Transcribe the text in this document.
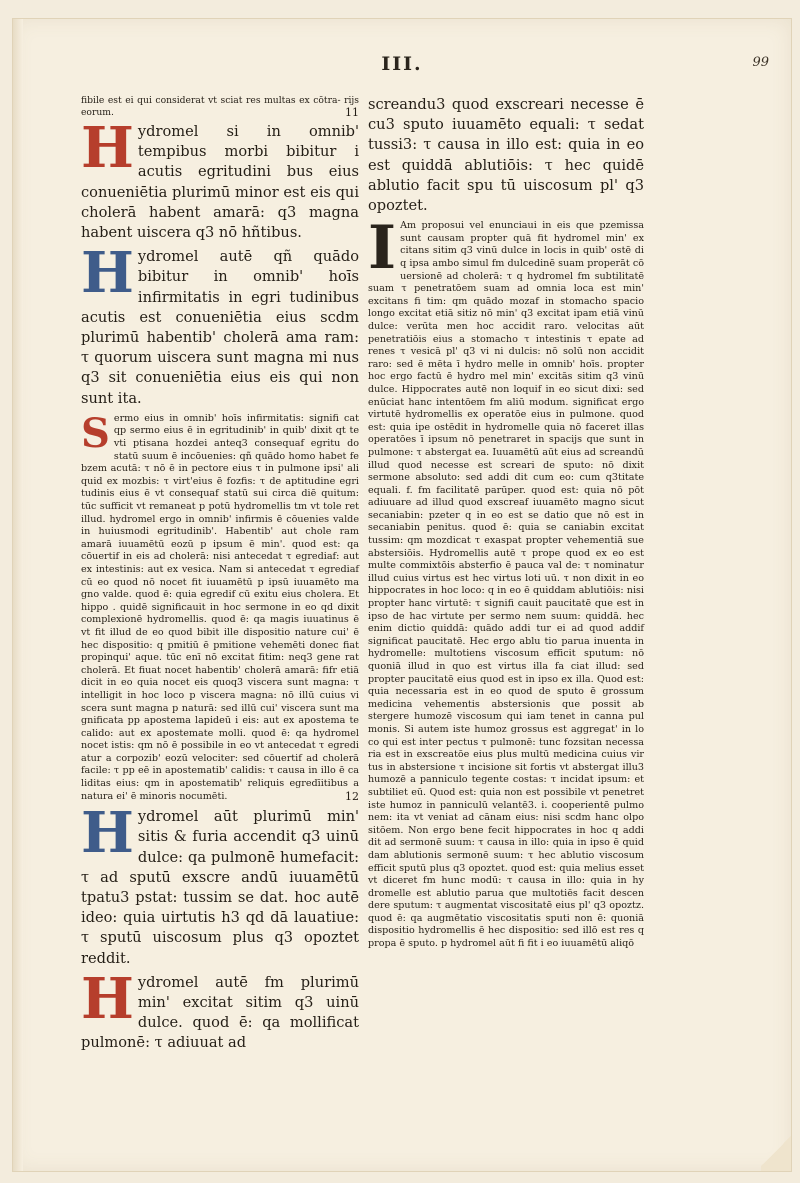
III.	99

fibile est ei qui considerat vt sciat res multas ex cōtra- rijs eorum.	11

Hydromel si in omnib' tempibus morbi bibitur i acutis egritudini bus eius conueniētia plurimū minor est eis qui cholerā habent amarā: q3 magna habent uiscera q3 nō hñtibus.

Hydromel autē qñ quādo bibitur in omnib' hoīs infirmitatis in egri tudinibus acutis est conueniētia eius scdm plurimū habentib' cholerā ama ram: τ quorum uiscera sunt magna mi nus q3 sit conueniētia eius eis qui non sunt ita.

Sermo eius in omnib' hoīs infirmitatis: signifi cat qp sermo eius ē in egritudinib' in quib' dixit qt te vti ptisana hozdei anteq3 consequaf egritu do statū suum ē incōuenies: qñ quādo homo habet fe bzem acutā: τ nō ē in pectore eius τ in pulmone ipsi' ali quid ex mozbis: τ virt'eius ē fozfis: τ de aptitudine egri tudinis eius ē vt consequaf statū sui circa diē quitum: tūc sufficit vt remaneat p potū hydromellis tm vt tole ret illud. hydromel ergo in omnib' infirmis ē cōuenies valde in huiusmodi egritudinib'. Habentib' aut chole ram amarā iuuamētū eozū p ipsum ē min'. quod est: qa cōuertif in eis ad cholerā: nisi antecedat τ egrediaf: aut ex intestinis: aut ex vesica. Nam si antecedat τ egrediaf cū eo quod nō nocet fit iuuamētū p ipsū iuuamēto ma gno valde. quod ē: quia egredif cū exitu eius cholera. Et hippo . quidē significauit in hoc sermone in eo qd dixit complexionē hydromellis. quod ē: qa magis iuuatinus ē vt fit illud de eo quod bibit ille dispositio nature cui' ē hec dispositio: q pmitiū ē pmitione vehemēti donec fiat propinqui' aque. tūc enī nō excitat fitim: neq3 gene rat cholerā. Et fiuat nocet habentib' cholerā amarā: fifr etiā dicit in eo quia nocet eis quoq3 viscera sunt magna: τ intelligit in hoc loco p viscera magna: nō illū cuius vi scera sunt magna p naturā: sed illū cui' viscera sunt ma gnificata pp apostema lapideū i eis: aut ex apostema te calido: aut ex apostemate molli. quod ē: qa hydromel nocet istis: qm nō ē possibile in eo vt antecedat τ egredi atur a corpozib' eozū velociter: sed cōuertif ad cholerā facile: τ pp eē in apostematib' calidis: τ causa in illo ē ca liditas eius: qm in apostematib' reliquis egredīitibus a natura ei' ē minoris nocumēti.	12

Hydromel aūt plurimū min' sitis & furia accendit q3 uinū dulce: qa pulmonē humefacit: τ ad sputū exscre andū iuuamētū tpatu3 pstat: tussim se dat. hoc autē ideo: quia uirtutis h3 qd dā lauatiue: τ sputū uiscosum plus q3 opoztet reddit.

Hydromel autē fm plurimū min' excitat sitim q3 uinū dulce. quod ē: qa mollificat pulmonē: τ adiuuat ad

screandu3 quod exscreari necesse ē cu3 sputo iuuamēto equali: τ sedat tussi3: τ causa in illo est: quia in eo est quiddā ablutiōis: τ hec quidē ablutio facit spu tū uiscosum pl' q3 opoztet.

I Am proposui vel enunciaui in eis que pzemissa sunt causam propter quā fit hydromel min' ex citans sitim q3 vinū dulce in locis in quib' ostē di q ipsa ambo simul fm dulcedinē suam properāt cō uersionē ad cholerā: τ q hydromel fm subtilitatē suam τ penetratōem suam ad omnia loca est min' excitans fi tim: qm quādo mozaf in stomacho spacio longo excitat etiā sitiz nō min' q3 excitat ipam etiā vinū dulce: verūta men hoc accidit raro. velocitas aūt penetratiōis eius a stomacho τ intestinis τ epate ad renes τ vesicā pl' q3 vi ni dulcis: nō solū non accidit raro: sed ē mēta ī hydro melle in omnib' hoīs. propter hoc ergo factū ē hydro mel min' excitās sitim q3 vinū dulce. Hippocrates autē non loquif in eo sicut dixi: sed enūciat hanc intentōem fm aliū modum. significat ergo virtutē hydromellis ex operatōe eius in pulmone. quod est: quia ipe ostēdit in hydromelle quia nō faceret illas operatōes ī ipsum nō penetraret in spacijs que sunt in pulmone: τ abstergat ea. Iuuamētū aūt eius ad screandū illud quod necesse est screari de sputo: nō dixit sermone absoluto: sed addi dit cum eo: cum q3titate equali. f. fm facilitatē parūper. quod est: quia nō pōt adiuuare ad illud quod exscreaf iuuamēto magno sicut secaniabin: pzeter q in eo est se datio que nō est in secaniabin penitus. quod ē: quia se caniabin excitat tussim: qm mozdicat τ exaspat propter vehementiā sue abstersiōis. Hydromellis autē τ prope quod ex eo est multe commixtōis absterfio ē pauca val de: τ nominatur illud cuius virtus est hec virtus loti uū. τ non dixit in eo hippocrates in hoc loco: q in eo ē quiddam ablutiōis: nisi propter hanc virtutē: τ signifi cauit paucitatē que est in ipso de hac virtute per sermo nem suum: quiddā. hec enim dictio quiddā: quādo addi tur ei ad quod addif significat paucitatē. Hec ergo ablu tio parua inuenta in hydromelle: multotiens viscosum efficit sputum: nō quoniā illud in quo est virtus illa fa ciat illud: sed propter paucitatē eius quod est in ipso ex illa. Quod est: quia necessaria est in eo quod de sputo ē grossum medicina vehementis abstersionis que possit ab stergere humozē viscosum qui iam tenet in canna pul monis. Si autem iste humoz grossus est aggregat' in lo co qui est inter pectus τ pulmonē: tunc fozsitan necessa ria est in exscreatōe eius plus multū medicina cuius vir tus in abstersione τ incisione sit fortis vt abstergat illu3 humozē a panniculo tegente costas: τ incidat ipsum: et subtiliet eū. Quod est: quia non est possibile vt penetret iste humoz in panniculū velantē3. i. cooperientē pulmo nem: ita vt veniat ad cānam eius: nisi scdm hanc olpo sitōem. Non ergo bene fecit hippocrates in hoc q addi dit ad sermonē suum: τ causa in illo: quia in ipso ē quid dam ablutionis sermonē suum: τ hec ablutio viscosum efficit sputū plus q3 opoztet. quod est: quia melius esset vt diceret fm hunc modū: τ causa in illo: quia in hy dromelle est ablutio parua que multotiēs facit descen dere sputum: τ augmentat viscositatē eius pl' q3 opoztz. quod ē: qa augmētatio viscositatis sputi non ē: quoniā dispositio hydromellis ē hec dispositio: sed illō est res q propa ē sputo. p hydromel aūt fi fit i eo iuuamētū aliqō
